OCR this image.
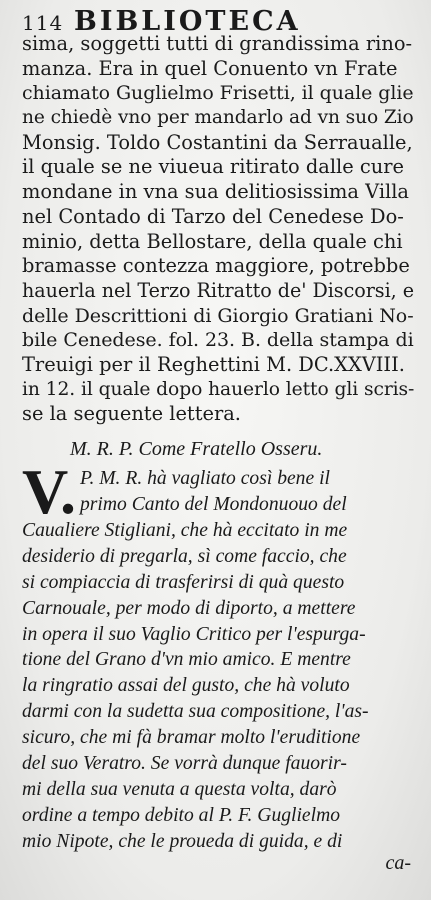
114 BIBLIOTECA
sima, soggetti tutti di grandissima rino-
manza. Era in quel Conuento vn Frate
chiamato Guglielmo Frisetti, il quale glie
ne chiedè vno per mandarlo ad vn suo Zio
Monsig. Toldo Costantini da Serraualle,
il quale se ne viueua ritirato dalle cure
mondane in vna sua delitiosissima Villa
nel Contado di Tarzo del Cenedese Do-
minio, detta Bellostare, della quale chi
bramasse contezza maggiore, potrebbe
hauerla nel Terzo Ritratto de' Discorsi, e
delle Descrittioni di Giorgio Gratiani No-
bile Cenedese. fol. 23. B. della stampa di
Treuigi per il Reghettini M. DC.XXVIII.
in 12. il quale dopo hauerlo letto gli scris-
se la seguente lettera.
M. R. P. Come Fratello Osseru.
V. P. M. R. hà vagliato così bene il
primo Canto del Mondonuouo del
Caualiere Stigliani, che hà eccitato in me
desiderio di pregarla, sì come faccio, che
si compiaccia di trasferirsi di quà questo
Carnouale, per modo di diporto, a mettere
in opera il suo Vaglio Critico per l'espurga-
tione del Grano d'vn mio amico. E mentre
la ringratio assai del gusto, che hà voluto
darmi con la sudetta sua compositione, l'as-
sicuro, che mi fà bramar molto l'eruditione
del suo Veratro. Se vorrà dunque fauorir-
mi della sua venuta a questa volta, darò
ordine a tempo debito al P. F. Guglielmo
mio Nipote, che le proueda di guida, e di
ca-
